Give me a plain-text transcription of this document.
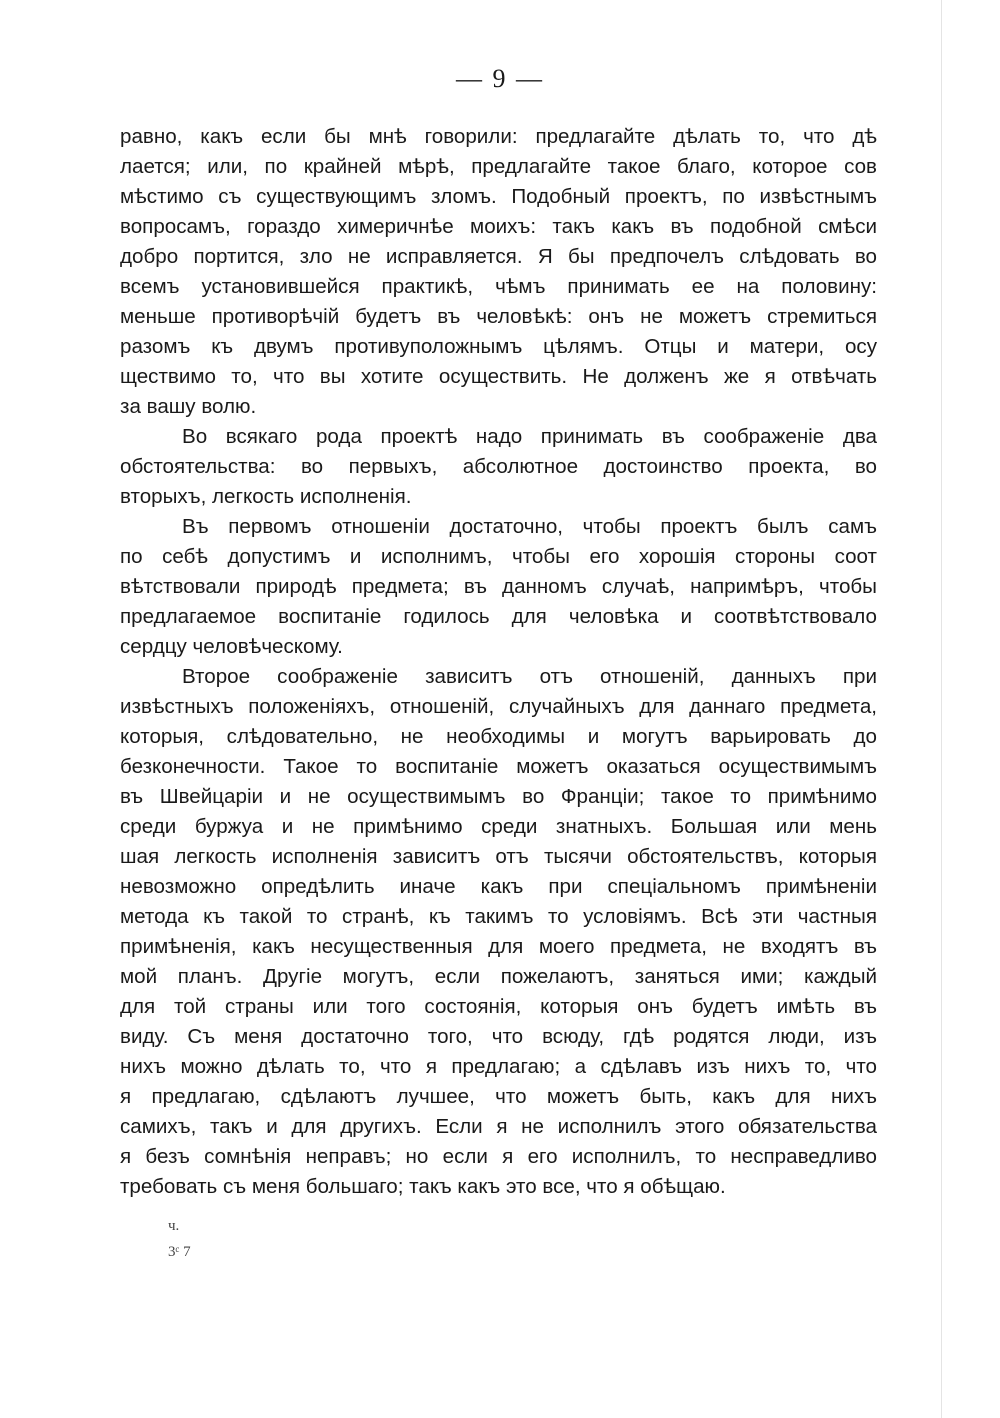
— 9 —

равно, какъ если бы мнѣ говорили: предлагайте дѣлать то, что дѣ

лается; или, по крайней мѣрѣ, предлагайте такое благо, которое сов

мѣстимо съ существующимъ зломъ. Подобный проектъ, по извѣстнымъ

вопросамъ, гораздо химеричнѣе моихъ: такъ какъ въ подобной смѣси

добро портится, зло не исправляется. Я бы предпочелъ слѣдовать во

всемъ установившейся практикѣ, чѣмъ принимать ее на половину:

меньше противорѣчій будетъ въ человѣкѣ: онъ не можетъ стремиться

разомъ къ двумъ противуположнымъ цѣлямъ. Отцы и матери, осу

ществимо то, что вы хотите осуществить. Не долженъ же я отвѣчать

за вашу волю.

Во всякаго рода проектѣ надо принимать въ соображеніе два

обстоятельства: во первыхъ, абсолютное достоинство проекта, во

вторыхъ, легкость исполненія.

Въ первомъ отношеніи достаточно, чтобы проектъ былъ самъ

по себѣ допустимъ и исполнимъ, чтобы его хорошія стороны соот

вѣтствовали природѣ предмета; въ данномъ случаѣ, напримѣръ, чтобы

предлагаемое воспитаніе годилось для человѣка и соотвѣтствовало

сердцу человѣческому.

Второе соображеніе зависитъ отъ отношеній, данныхъ при

извѣстныхъ положеніяхъ, отношеній, случайныхъ для даннаго предмета,

которыя, слѣдовательно, не необходимы и могутъ варьировать до

безконечности. Такое то воспитаніе можетъ оказаться осуществимымъ

въ Швейцаріи и не осуществимымъ во Франціи; такое то примѣнимо

среди буржуа и не примѣнимо среди знатныхъ. Большая или мень

шая легкость исполненія зависитъ отъ тысячи обстоятельствъ, которыя

невозможно опредѣлить иначе какъ при спеціальномъ примѣненіи

метода къ такой то странѣ, къ такимъ то условіямъ. Всѣ эти частныя

примѣненія, какъ несущественныя для моего предмета, не входятъ въ

мой планъ. Другіе могутъ, если пожелаютъ, заняться ими; каждый

для той страны или того состоянія, которыя онъ будетъ имѣть въ

виду. Съ меня достаточно того, что всюду, гдѣ родятся люди, изъ

нихъ можно дѣлать то, что я предлагаю; а сдѣлавъ изъ нихъ то, что

я предлагаю, сдѣлаютъ лучшее, что можетъ быть, какъ для нихъ

самихъ, такъ и для другихъ. Если я не исполнилъ этого обязательства

я безъ сомнѣнія неправъ; но если я его исполнилъ, то несправедливо

требовать съ меня большаго; такъ какъ это все, что я обѣщаю.

ч.
3ᶜ 7
